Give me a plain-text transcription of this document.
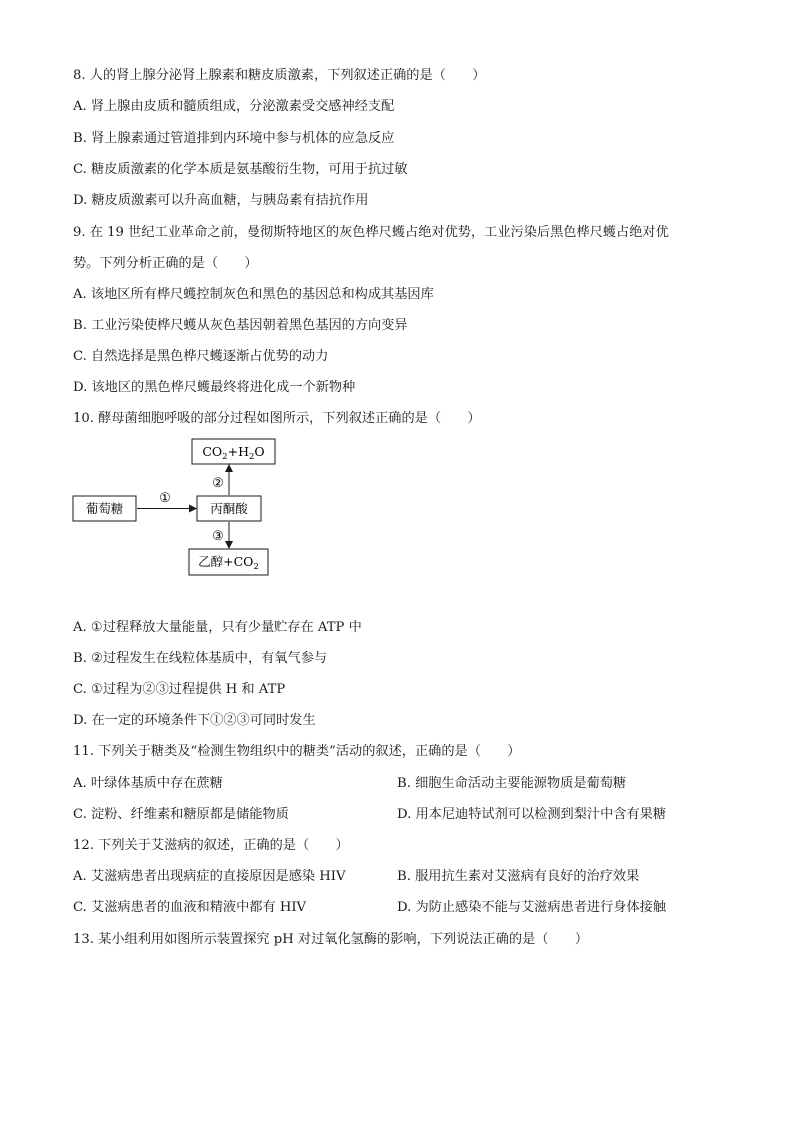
8. 人的肾上腺分泌肾上腺素和糖皮质激素，下列叙述正确的是（　　）
A. 肾上腺由皮质和髓质组成，分泌激素受交感神经支配
B. 肾上腺素通过管道排到内环境中参与机体的应急反应
C. 糖皮质激素的化学本质是氨基酸衍生物，可用于抗过敏
D. 糖皮质激素可以升高血糖，与胰岛素有拮抗作用
9. 在 19 世纪工业革命之前，曼彻斯特地区的灰色桦尺蠖占绝对优势，工业污染后黑色桦尺蠖占绝对优
势。下列分析正确的是（　　）
A. 该地区所有桦尺蠖控制灰色和黑色的基因总和构成其基因库
B. 工业污染使桦尺蠖从灰色基因朝着黑色基因的方向变异
C. 自然选择是黑色桦尺蠖逐渐占优势的动力
D. 该地区的黑色桦尺蠖最终将进化成一个新物种
10. 酵母菌细胞呼吸的部分过程如图所示，下列叙述正确的是（　　）
$CO_2+H_2O$
葡萄糖	丙酮酸
乙醇$+CO_2$
①
②
③
A. ①过程释放大量能量，只有少量贮存在 ATP 中
B. ②过程发生在线粒体基质中，有氧气参与
C. ①过程为②③过程提供 H 和 ATP
D. 在一定的环境条件下①②③可同时发生
11. 下列关于糖类及“检测生物组织中的糖类”活动的叙述，正确的是（　　）
A. 叶绿体基质中存在蔗糖	B. 细胞生命活动主要能源物质是葡萄糖
C. 淀粉、纤维素和糖原都是储能物质	D. 用本尼迪特试剂可以检测到梨汁中含有果糖
12. 下列关于艾滋病的叙述，正确的是（　　）
A. 艾滋病患者出现病症的直接原因是感染 HIV	B. 服用抗生素对艾滋病有良好的治疗效果
C. 艾滋病患者的血液和精液中都有 HIV	D. 为防止感染不能与艾滋病患者进行身体接触
13. 某小组利用如图所示装置探究 pH 对过氧化氢酶的影响，下列说法正确的是（　　）
